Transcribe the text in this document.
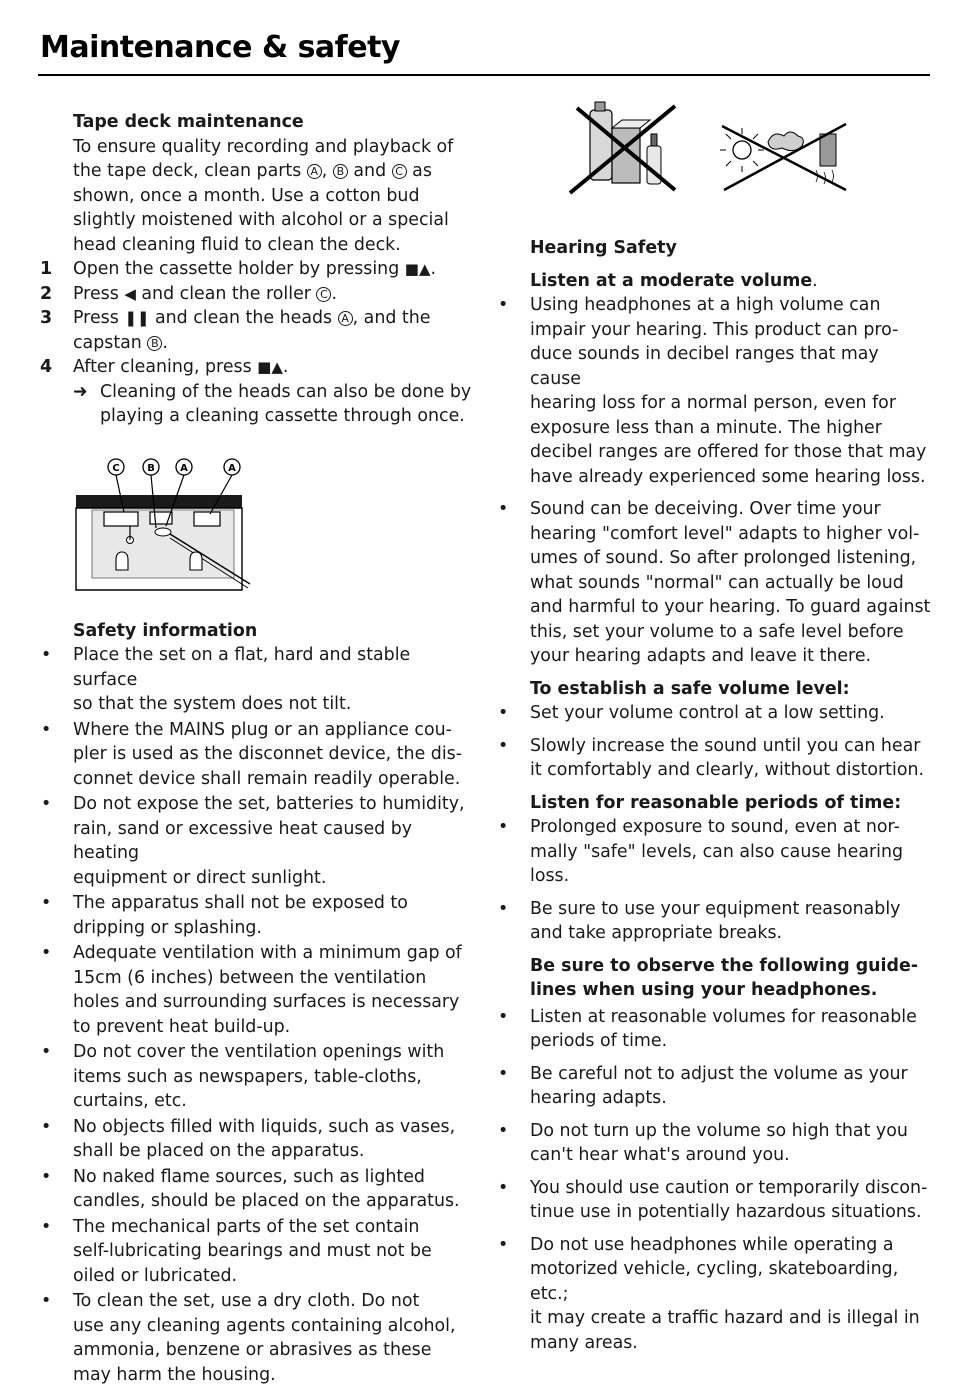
Maintenance & safety
Tape deck maintenance
To ensure quality recording and playback of
the tape deck, clean parts A , B and C as
shown, once a month. Use a cotton bud
slightly moistened with alcohol or a special
head cleaning fluid to clean the deck.
1	Open the cassette holder by pressing ■▲.
2	Press ◀ and clean the roller C .
3	Press ❚❚ and clean the heads A , and the
capstan B .
4	After cleaning, press ■▲.
➜ Cleaning of the heads can also be done by
playing a cleaning cassette through once.
Safety information
•	Place the set on a flat, hard and stable surface
so that the system does not tilt.
•	Where the MAINS plug or an appliance cou-
pler is used as the disconnet device, the dis-
connet device shall remain readily operable.
•	Do not expose the set, batteries to humidity,
rain, sand or excessive heat caused by heating
equipment or direct sunlight.
•	The apparatus shall not be exposed to
dripping or splashing.
•	Adequate ventilation with a minimum gap of
15cm (6 inches) between the ventilation
holes and surrounding surfaces is necessary
to prevent heat build-up.
•	Do not cover the ventilation openings with
items such as newspapers, table-cloths,
curtains, etc.
•	No objects filled with liquids, such as vases,
shall be placed on the apparatus.
•	No naked flame sources, such as lighted
candles, should be placed on the apparatus.
•	The mechanical parts of the set contain
self-lubricating bearings and must not be
oiled or lubricated.
•	To clean the set, use a dry cloth. Do not
use any cleaning agents containing alcohol,
ammonia, benzene or abrasives as these
may harm the housing.
C	B	A	A
Hearing Safety
Listen at a moderate volume.
•	Using headphones at a high volume can
impair your hearing. This product can pro-
duce sounds in decibel ranges that may cause
hearing loss for a normal person, even for
exposure less than a minute. The higher
decibel ranges are offered for those that may
have already experienced some hearing loss.
•	Sound can be deceiving. Over time your
hearing "comfort level" adapts to higher vol-
umes of sound. So after prolonged listening,
what sounds "normal" can actually be loud
and harmful to your hearing. To guard against
this, set your volume to a safe level before
your hearing adapts and leave it there.
To establish a safe volume level:
•	Set your volume control at a low setting.
•	Slowly increase the sound until you can hear
it comfortably and clearly, without distortion.
Listen for reasonable periods of time:
•	Prolonged exposure to sound, even at nor-
mally "safe" levels, can also cause hearing loss.
•	Be sure to use your equipment reasonably
and take appropriate breaks.
Be sure to observe the following guide-
lines when using your headphones.
•	Listen at reasonable volumes for reasonable
periods of time.
•	Be careful not to adjust the volume as your
hearing adapts.
•	Do not turn up the volume so high that you
can't hear what's around you.
•	You should use caution or temporarily discon-
tinue use in potentially hazardous situations.
•	Do not use headphones while operating a
motorized vehicle, cycling, skateboarding, etc.;
it may create a traffic hazard and is illegal in
many areas.
